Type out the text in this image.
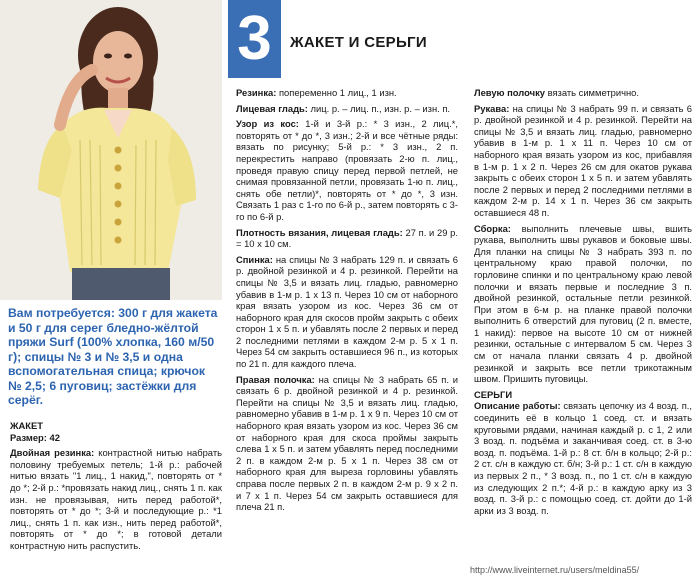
3	ЖАКЕТ И СЕРЬГИ
Вам потребуется: 300 г для жакета и 50 г для серег бледно-жёлтой пряжи Surf (100% хлопка, 160 м/50 г); спицы № 3 и № 3,5 и одна вспомогательная спица; крючок № 2,5; 6 пуговиц; застёжки для серёг.
ЖАКЕТ

Размер: 42

Двойная резинка: контрастной нитью набрать половину требуемых петель; 1-й р.: рабочей нитью вязать "1 лиц., 1 накид,", повторять от * до *; 2-й р.: *провязать накид лиц., снять 1 п. как изн. не провязывая, нить перед работой*, повторять от * до *; 3-й и последующие р.: *1 лиц., снять 1 п. как изн., нить перед работой*, повторять от * до *; в готовой детали контрастную нить распустить.

Резинка: попеременно 1 лиц., 1 изн.

Лицевая гладь: лиц. р. – лиц. п., изн. р. – изн. п.

Узор из кос: 1-й и 3-й р.: * 3 изн., 2 лиц.*, повторять от * до *, 3 изн.; 2-й и все чётные ряды: вязать по рисунку; 5-й р.: * 3 изн., 2 п. перекрестить направо (провязать 2-ю п. лиц., проведя правую спицу перед первой петлей, не снимая провязанной петли, провязать 1-ю п. лиц., снять обе петли)*, повторять от * до *, 3 изн. Связать 1 раз с 1-го по 6-й р., затем повторять с 3-го по 6-й р.

Плотность вязания, лицевая гладь: 27 п. и 29 р. = 10 х 10 см.

Спинка: на спицы № 3 набрать 129 п. и связать 6 р. двойной резинкой и 4 р. резинкой. Перейти на спицы № 3,5 и вязать лиц. гладью, равномерно убавив в 1-м р. 1 х 13 п. Через 10 см от наборного края вязать узором из кос. Через 36 см от наборного края для скосов пройм закрыть с обеих сторон 1 х 5 п. и убавлять после 2 первых и перед 2 последними петлями в каждом 2-м р. 5 х 1 п. Через 54 см закрыть оставшиеся 96 п., из которых по 21 п. для каждого плеча.

Правая полочка: на спицы № 3 набрать 65 п. и связать 6 р. двойной резинкой и 4 р. резинкой. Перейти на спицы № 3,5 и вязать лиц. гладью, равномерно убавив в 1-м р. 1 х 9 п. Через 10 см от наборного края вязать узором из кос. Через 36 см от наборного края для скоса проймы закрыть слева 1 х 5 п. и затем убавлять перед последними 2 п. в каждом 2-м р. 5 х 1 п. Через 38 см от наборного края для выреза горловины убавлять справа после первых 2 п. в каждом 2-м р. 9 х 2 п. и 7 х 1 п. Через 54 см закрыть оставшиеся для плеча 21 п.

Левую полочку вязать симметрично.

Рукава: на спицы № 3 набрать 99 п. и связать 6 р. двойной резинкой и 4 р. резинкой. Перейти на спицы № 3,5 и вязать лиц. гладью, равномерно убавив в 1-м р. 1 х 11 п. Через 10 см от наборного края вязать узором из кос, прибавляя в 1-м р. 1 х 2 п. Через 26 см для окатов рукава закрыть с обеих сторон 1 х 5 п. и затем убавлять после 2 первых и перед 2 последними петлями в каждом 2-м р. 14 х 1 п. Через 36 см закрыть оставшиеся 48 п.

Сборка: выполнить плечевые швы, вшить рукава, выполнить швы рукавов и боковые швы. Для планки на спицы № 3 набрать 393 п. по центральному краю правой полочки, по горловине спинки и по центральному краю левой полочки и вязать первые и последние 3 п. двойной резинкой, остальные петли резинкой. При этом в 6-м р. на планке правой полочки выполнить 6 отверстий для пуговиц (2 п. вместе, 1 накид): первое на высоте 10 см от нижней резинки, остальные с интервалом 5 см. Через 3 см от начала планки связать 4 р. двойной резинкой и закрыть все петли трикотажным швом. Пришить пуговицы.

СЕРЬГИ

Описание работы: связать цепочку из 4 возд. п., соединить её в кольцо 1 соед. ст. и вязать круговыми рядами, начиная каждый р. с 1, 2 или 3 возд. п. подъёма и заканчивая соед. ст. в 3-ю возд. п. подъёма. 1-й р.: 8 ст. б/н в кольцо; 2-й р.: 2 ст. с/н в каждую ст. б/н; 3-й р.: 1 ст. с/н в каждую из первых 2 п., * 3 возд. п., по 1 ст. с/н в каждую из следующих 2 п.*; 4-й р.: в каждую арку из 3 возд. п. 3-й р.: с помощью соед. ст. дойти до 1-й арки из 3 возд. п.

http://www.liveinternet.ru/users/meldina55/
